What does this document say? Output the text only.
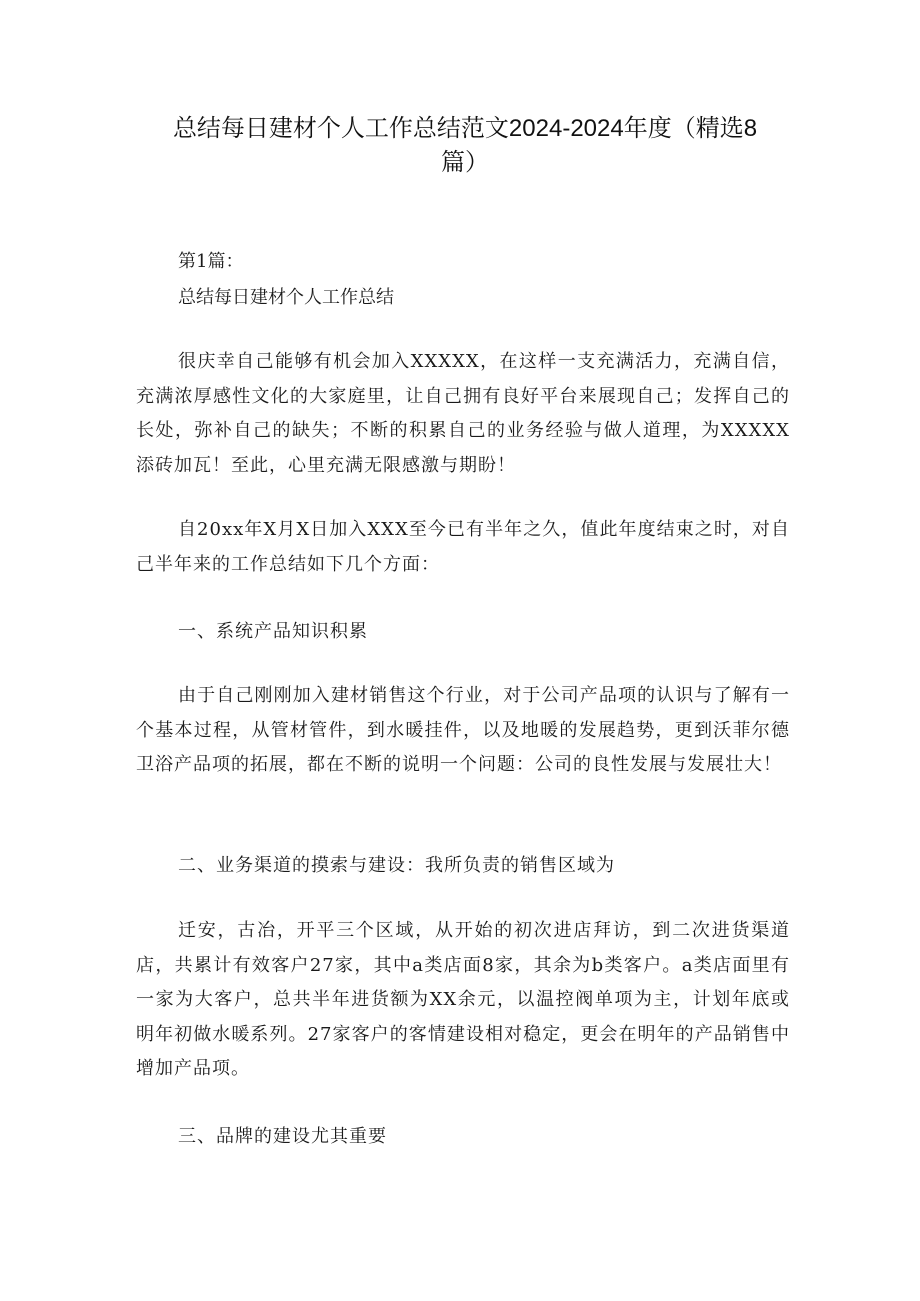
总结每日建材个人工作总结范文2024-2024年度（精选8篇）

第1篇：

总结每日建材个人工作总结

很庆幸自己能够有机会加入XXXXX，在这样一支充满活力，充满自信，充满浓厚感性文化的大家庭里，让自己拥有良好平台来展现自己；发挥自己的长处，弥补自己的缺失；不断的积累自己的业务经验与做人道理，为XXXXX添砖加瓦！至此，心里充满无限感激与期盼！

自20xx年X月X日加入XXX至今已有半年之久，值此年度结束之时，对自己半年来的工作总结如下几个方面：

一、系统产品知识积累

由于自己刚刚加入建材销售这个行业，对于公司产品项的认识与了解有一个基本过程，从管材管件，到水暖挂件，以及地暖的发展趋势，更到沃菲尔德卫浴产品项的拓展，都在不断的说明一个问题：公司的良性发展与发展壮大！

二、业务渠道的摸索与建设：我所负责的销售区域为

迁安，古冶，开平三个区域，从开始的初次进店拜访，到二次进货渠道店，共累计有效客户27家，其中a类店面8家，其余为b类客户。a类店面里有一家为大客户，总共半年进货额为XX余元，以温控阀单项为主，计划年底或明年初做水暖系列。27家客户的客情建设相对稳定，更会在明年的产品销售中增加产品项。

三、品牌的建设尤其重要
